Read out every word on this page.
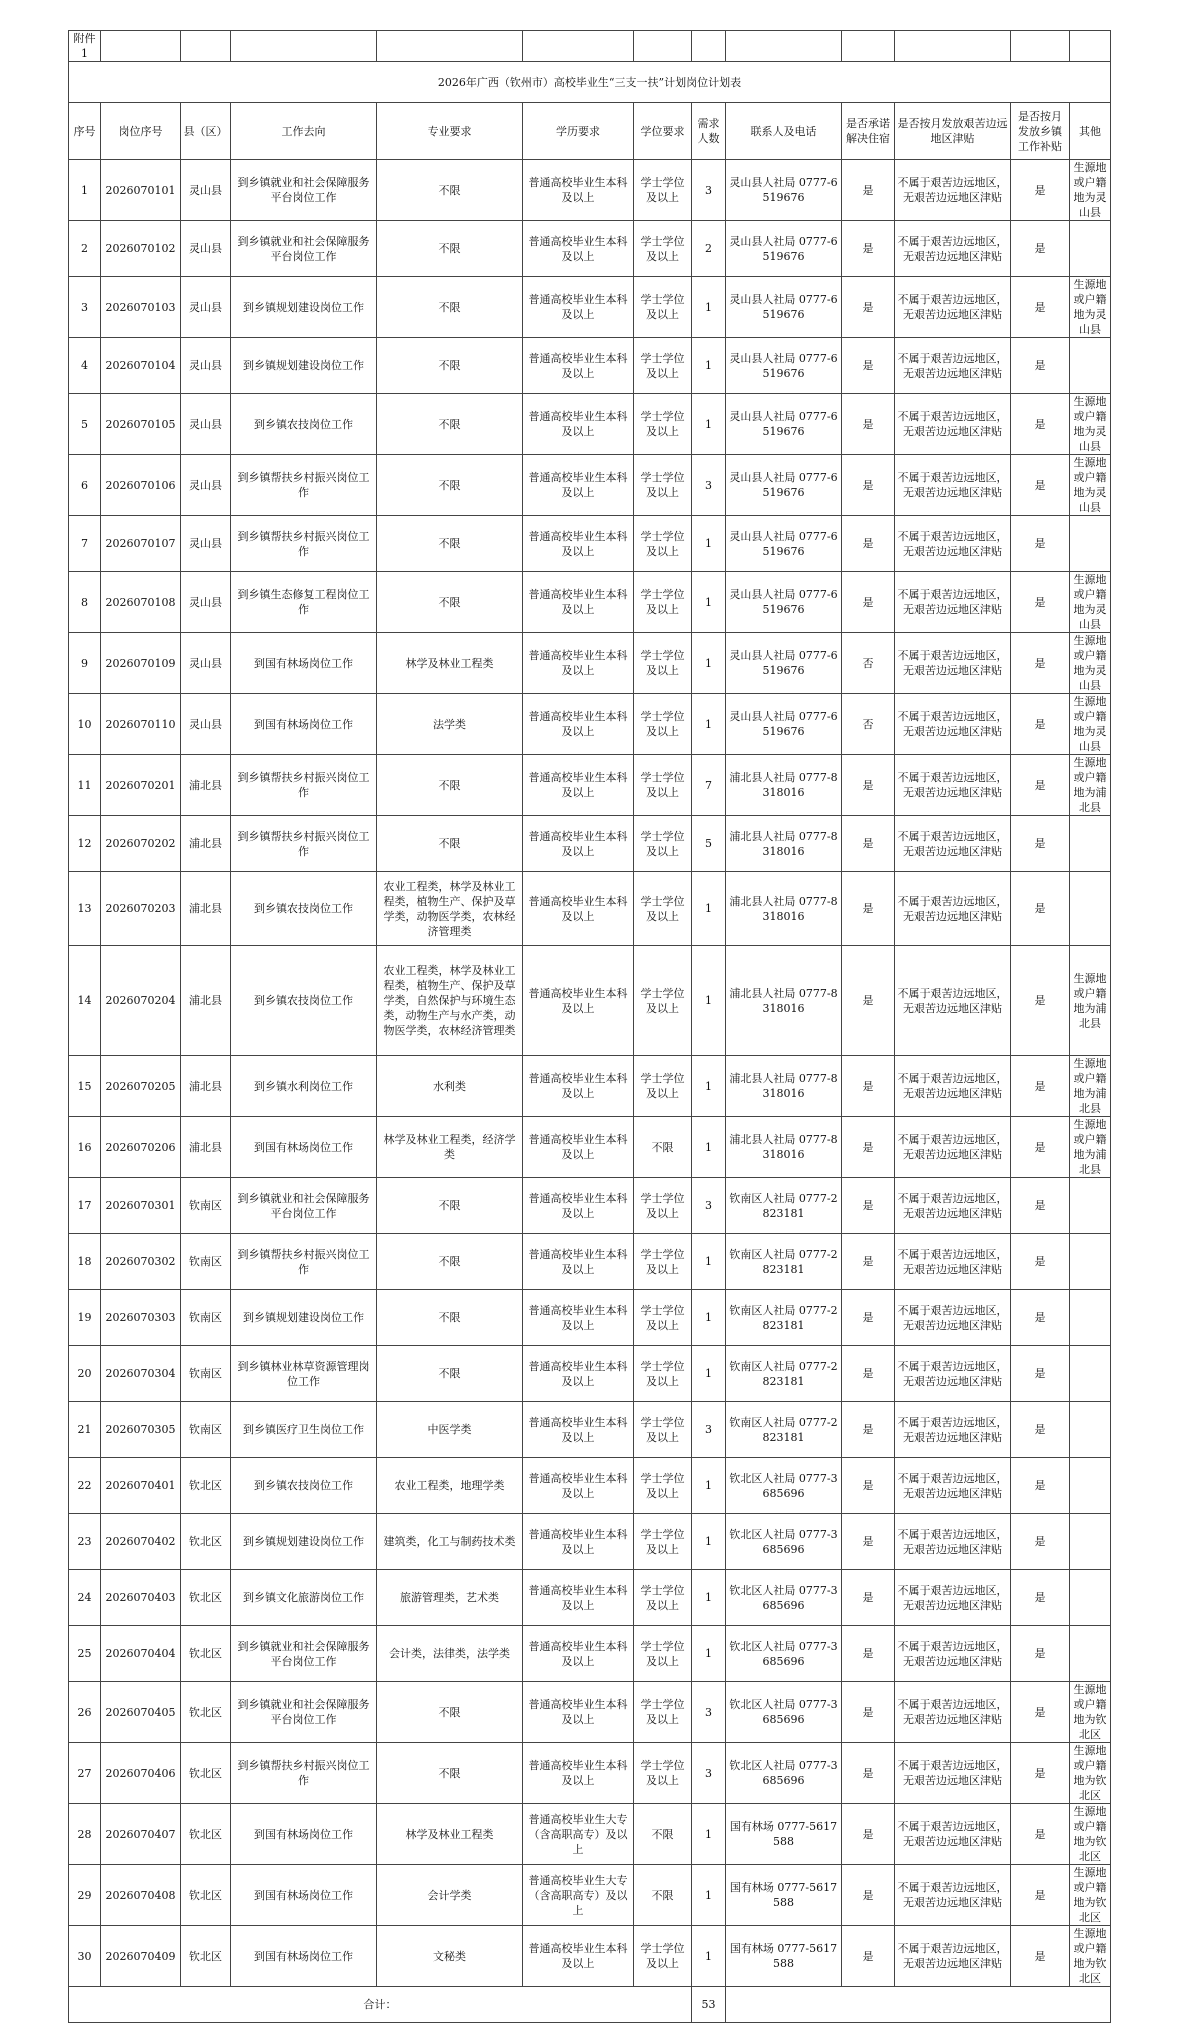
附件1												
2026年广西（钦州市）高校毕业生“三支一扶”计划岗位计划表												
序号	岗位序号	县（区）	工作去向	专业要求	学历要求	学位要求	需求人数	联系人及电话	是否承诺解决住宿	是否按月发放艰苦边远地区津贴	是否按月发放乡镇工作补贴	其他
1	2026070101	灵山县	到乡镇就业和社会保障服务平台岗位工作	不限	普通高校毕业生本科及以上	学士学位及以上	3	灵山县人社局 0777-6519676	是	不属于艰苦边远地区，无艰苦边远地区津贴	是	生源地或户籍地为灵山县
2	2026070102	灵山县	到乡镇就业和社会保障服务平台岗位工作	不限	普通高校毕业生本科及以上	学士学位及以上	2	灵山县人社局 0777-6519676	是	不属于艰苦边远地区，无艰苦边远地区津贴	是	
3	2026070103	灵山县	到乡镇规划建设岗位工作	不限	普通高校毕业生本科及以上	学士学位及以上	1	灵山县人社局 0777-6519676	是	不属于艰苦边远地区，无艰苦边远地区津贴	是	生源地或户籍地为灵山县
4	2026070104	灵山县	到乡镇规划建设岗位工作	不限	普通高校毕业生本科及以上	学士学位及以上	1	灵山县人社局 0777-6519676	是	不属于艰苦边远地区，无艰苦边远地区津贴	是	
5	2026070105	灵山县	到乡镇农技岗位工作	不限	普通高校毕业生本科及以上	学士学位及以上	1	灵山县人社局 0777-6519676	是	不属于艰苦边远地区，无艰苦边远地区津贴	是	生源地或户籍地为灵山县
6	2026070106	灵山县	到乡镇帮扶乡村振兴岗位工作	不限	普通高校毕业生本科及以上	学士学位及以上	3	灵山县人社局 0777-6519676	是	不属于艰苦边远地区，无艰苦边远地区津贴	是	生源地或户籍地为灵山县
7	2026070107	灵山县	到乡镇帮扶乡村振兴岗位工作	不限	普通高校毕业生本科及以上	学士学位及以上	1	灵山县人社局 0777-6519676	是	不属于艰苦边远地区，无艰苦边远地区津贴	是	
8	2026070108	灵山县	到乡镇生态修复工程岗位工作	不限	普通高校毕业生本科及以上	学士学位及以上	1	灵山县人社局 0777-6519676	是	不属于艰苦边远地区，无艰苦边远地区津贴	是	生源地或户籍地为灵山县
9	2026070109	灵山县	到国有林场岗位工作	林学及林业工程类	普通高校毕业生本科及以上	学士学位及以上	1	灵山县人社局 0777-6519676	否	不属于艰苦边远地区，无艰苦边远地区津贴	是	生源地或户籍地为灵山县
10	2026070110	灵山县	到国有林场岗位工作	法学类	普通高校毕业生本科及以上	学士学位及以上	1	灵山县人社局 0777-6519676	否	不属于艰苦边远地区，无艰苦边远地区津贴	是	生源地或户籍地为灵山县
11	2026070201	浦北县	到乡镇帮扶乡村振兴岗位工作	不限	普通高校毕业生本科及以上	学士学位及以上	7	浦北县人社局 0777-8318016	是	不属于艰苦边远地区，无艰苦边远地区津贴	是	生源地或户籍地为浦北县
12	2026070202	浦北县	到乡镇帮扶乡村振兴岗位工作	不限	普通高校毕业生本科及以上	学士学位及以上	5	浦北县人社局 0777-8318016	是	不属于艰苦边远地区，无艰苦边远地区津贴	是	
13	2026070203	浦北县	到乡镇农技岗位工作	农业工程类，林学及林业工程类，植物生产、保护及草学类，动物医学类，农林经济管理类	普通高校毕业生本科及以上	学士学位及以上	1	浦北县人社局 0777-8318016	是	不属于艰苦边远地区，无艰苦边远地区津贴	是	
14	2026070204	浦北县	到乡镇农技岗位工作	农业工程类，林学及林业工程类，植物生产、保护及草学类，自然保护与环境生态类，动物生产与水产类，动物医学类，农林经济管理类	普通高校毕业生本科及以上	学士学位及以上	1	浦北县人社局 0777-8318016	是	不属于艰苦边远地区，无艰苦边远地区津贴	是	生源地或户籍地为浦北县
15	2026070205	浦北县	到乡镇水利岗位工作	水利类	普通高校毕业生本科及以上	学士学位及以上	1	浦北县人社局 0777-8318016	是	不属于艰苦边远地区，无艰苦边远地区津贴	是	生源地或户籍地为浦北县
16	2026070206	浦北县	到国有林场岗位工作	林学及林业工程类，经济学类	普通高校毕业生本科及以上	不限	1	浦北县人社局 0777-8318016	是	不属于艰苦边远地区，无艰苦边远地区津贴	是	生源地或户籍地为浦北县
17	2026070301	钦南区	到乡镇就业和社会保障服务平台岗位工作	不限	普通高校毕业生本科及以上	学士学位及以上	3	钦南区人社局 0777-2823181	是	不属于艰苦边远地区，无艰苦边远地区津贴	是	
18	2026070302	钦南区	到乡镇帮扶乡村振兴岗位工作	不限	普通高校毕业生本科及以上	学士学位及以上	1	钦南区人社局 0777-2823181	是	不属于艰苦边远地区，无艰苦边远地区津贴	是	
19	2026070303	钦南区	到乡镇规划建设岗位工作	不限	普通高校毕业生本科及以上	学士学位及以上	1	钦南区人社局 0777-2823181	是	不属于艰苦边远地区，无艰苦边远地区津贴	是	
20	2026070304	钦南区	到乡镇林业林草资源管理岗位工作	不限	普通高校毕业生本科及以上	学士学位及以上	1	钦南区人社局 0777-2823181	是	不属于艰苦边远地区，无艰苦边远地区津贴	是	
21	2026070305	钦南区	到乡镇医疗卫生岗位工作	中医学类	普通高校毕业生本科及以上	学士学位及以上	3	钦南区人社局 0777-2823181	是	不属于艰苦边远地区，无艰苦边远地区津贴	是	
22	2026070401	钦北区	到乡镇农技岗位工作	农业工程类，地理学类	普通高校毕业生本科及以上	学士学位及以上	1	钦北区人社局 0777-3685696	是	不属于艰苦边远地区，无艰苦边远地区津贴	是	
23	2026070402	钦北区	到乡镇规划建设岗位工作	建筑类，化工与制药技术类	普通高校毕业生本科及以上	学士学位及以上	1	钦北区人社局 0777-3685696	是	不属于艰苦边远地区，无艰苦边远地区津贴	是	
24	2026070403	钦北区	到乡镇文化旅游岗位工作	旅游管理类，艺术类	普通高校毕业生本科及以上	学士学位及以上	1	钦北区人社局 0777-3685696	是	不属于艰苦边远地区，无艰苦边远地区津贴	是	
25	2026070404	钦北区	到乡镇就业和社会保障服务平台岗位工作	会计类，法律类，法学类	普通高校毕业生本科及以上	学士学位及以上	1	钦北区人社局 0777-3685696	是	不属于艰苦边远地区，无艰苦边远地区津贴	是	
26	2026070405	钦北区	到乡镇就业和社会保障服务平台岗位工作	不限	普通高校毕业生本科及以上	学士学位及以上	3	钦北区人社局 0777-3685696	是	不属于艰苦边远地区，无艰苦边远地区津贴	是	生源地或户籍地为钦北区
27	2026070406	钦北区	到乡镇帮扶乡村振兴岗位工作	不限	普通高校毕业生本科及以上	学士学位及以上	3	钦北区人社局 0777-3685696	是	不属于艰苦边远地区，无艰苦边远地区津贴	是	生源地或户籍地为钦北区
28	2026070407	钦北区	到国有林场岗位工作	林学及林业工程类	普通高校毕业生大专（含高职高专）及以上	不限	1	国有林场 0777-5617588	是	不属于艰苦边远地区，无艰苦边远地区津贴	是	生源地或户籍地为钦北区
29	2026070408	钦北区	到国有林场岗位工作	会计学类	普通高校毕业生大专（含高职高专）及以上	不限	1	国有林场 0777-5617588	是	不属于艰苦边远地区，无艰苦边远地区津贴	是	生源地或户籍地为钦北区
30	2026070409	钦北区	到国有林场岗位工作	文秘类	普通高校毕业生本科及以上	学士学位及以上	1	国有林场 0777-5617588	是	不属于艰苦边远地区，无艰苦边远地区津贴	是	生源地或户籍地为钦北区
合计：							53					
